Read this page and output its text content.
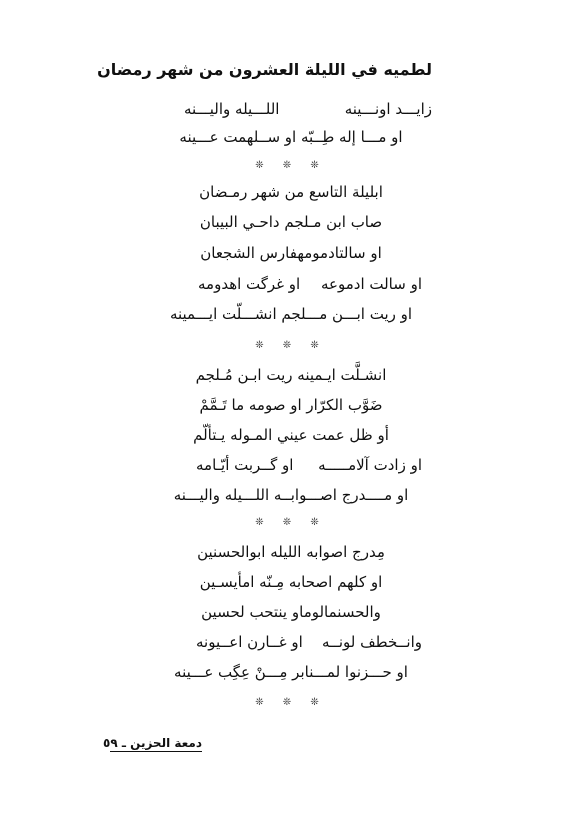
لطميه في الليلة العشرون من شهر رمضان
زايـــد اونـــينه
اللـــيله واليـــنه
او مـــا إله طِــبّه او ســلهمت عـــينه
❊ ❊ ❊
ابليلة التاسع من شهر رمـضان
صاب ابن مـلجم داحـي البيبان
او سالتادمومهفارس الشجعان
او سالت ادموعه
او غرگت اهدومه
او ريت ابـــن مـــلجم انشـــلّت ايـــمينه
❊ ❊ ❊
انشـلَّت ايـمينه ريت ابـن مُـلجم
ضَوَّب الكرّار او صومه ما تَـمَّمْ
أو ظل عمت عيني المـوله يـتألّم
او زادت آلامـــــه
او گــربت أيّـامه
او مــــدرج اصـــوابــه اللـــيله واليـــنه
❊ ❊ ❊
مِدرج اصوابه الليله ابوالحسنين
او كلهم اصحابه مِـنّه امأيسـين
والحسنمالوماو ينتحب لحسين
وانــخطف لونــه
او غــارن اعــيونه
او حـــزنوا لمـــنابر مِـــنْ عِگِب عـــينه
❊ ❊ ❊
دمعة الحزين ـ ٥٩
